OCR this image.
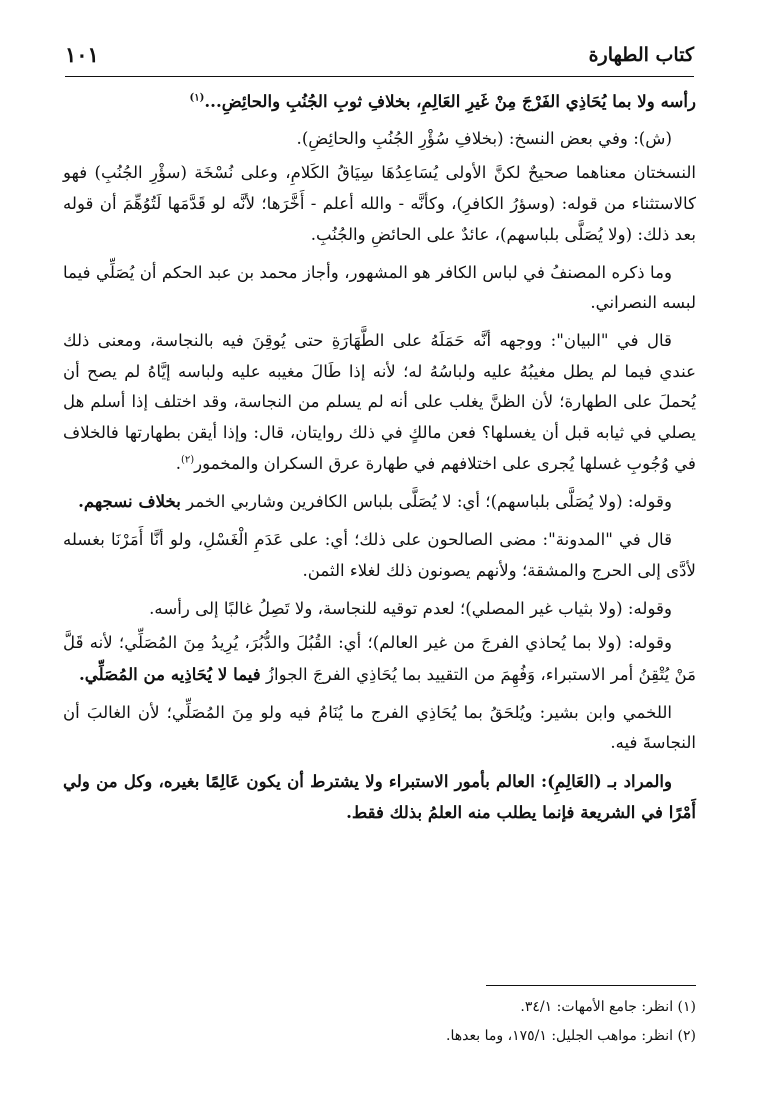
كتاب الطهارة
١٠١

رأسه ولا بما يُحَاذِي الفَرْجَ مِنْ غَيرِ العَالِمِ، بخلافِ ثوبِ الجُنُبِ والحائِضِ...$^{(١)}$

(ش): وفي بعض النسخ: (بخلافِ سُؤْرِ الجُنُبِ والحائِضِ).

النسختان معناهما صحيحٌ لكنَّ الأولى يُسَاعِدُهَا سِيَاقُ الكَلامِ، وعلى نُسْخَة (سؤْرِ الجُنُبِ) فهو كالاستثناء من قوله: (وسؤرُ الكافرِ)، وكأنَّه - والله أعلم - أَخَّرَها؛ لأنَّه لو قَدَّمَها لَتُوُهِّمَ أن قوله بعد ذلك: (ولا يُصَلَّى بلباسهم)، عائدٌ على الحائضِ والجُنُبِ.

وما ذكره المصنفُ في لباس الكافر هو المشهور، وأجاز محمد بن عبد الحكم أن يُصَلِّي فيما لبسه النصراني.

قال في "البيان": ووجهه أنَّه حَمَلَهُ على الطَّهَارَةِ حتى يُوقِنَ فيه بالنجاسة، ومعنى ذلك عندي فيما لم يطل مغيبُهُ عليه ولباسُهُ له؛ لأنه إذا طَالَ مغيبه عليه ولباسه إيَّاهُ لم يصح أن يُحملَ على الطهارة؛ لأن الظنَّ يغلب على أنه لم يسلم من النجاسة، وقد اختلف إذا أسلم هل يصلي في ثيابه قبل أن يغسلها؟ فعن مالكٍ في ذلك روايتان، قال: وإذا أيقن بطهارتها فالخلاف في وُجُوبِ غسلها يُجرى على اختلافهم في طهارة عرق السكران والمخمور$^{(٢)}$.

وقوله: (ولا يُصَلَّى بلباسهم)؛ أي: لا يُصَلَّى بلباس الكافرين وشاربي الخمر بخلاف نسجهم.

قال في "المدونة": مضى الصالحون على ذلك؛ أي: على عَدَمِ الْغَسْلِ، ولو أنَّا أَمَرْنَا بغسله لأدَّى إلى الحرج والمشقة؛ ولأنهم يصونون ذلك لغلاء الثمن.

وقوله: (ولا بثياب غير المصلي)؛ لعدم توقيه للنجاسة، ولا تَصِلُ غالبًا إلى رأسه.

وقوله: (ولا بما يُحاذي الفرجَ من غير العالم)؛ أي: القُبُلَ والدُّبُرَ، يُرِيدُ مِنَ المُصَلِّي؛ لأنه قَلَّ مَنْ يُتْقِنُ أمر الاستبراء، وَفُهِمَ من التقييد بما يُحَاذِي الفرجَ الجوازُ فيما لا يُحَاذِيه من المُصَلِّي.

اللخمي وابن بشير: ويُلحَقُ بما يُحَاذِي الفرج ما يُنَامُ فيه ولو مِنَ المُصَلِّي؛ لأن الغالبَ أن النجاسةَ فيه.

والمراد بـ (العَالِمِ): العالم بأمور الاستبراء ولا يشترط أن يكون عَالِمًا بغيره، وكل من ولي أَمْرًا في الشريعة فإنما يطلب منه العلمُ بذلك فقط.

(١) انظر: جامع الأمهات: ٣٤/١.
(٢) انظر: مواهب الجليل: ١٧٥/١، وما بعدها.
